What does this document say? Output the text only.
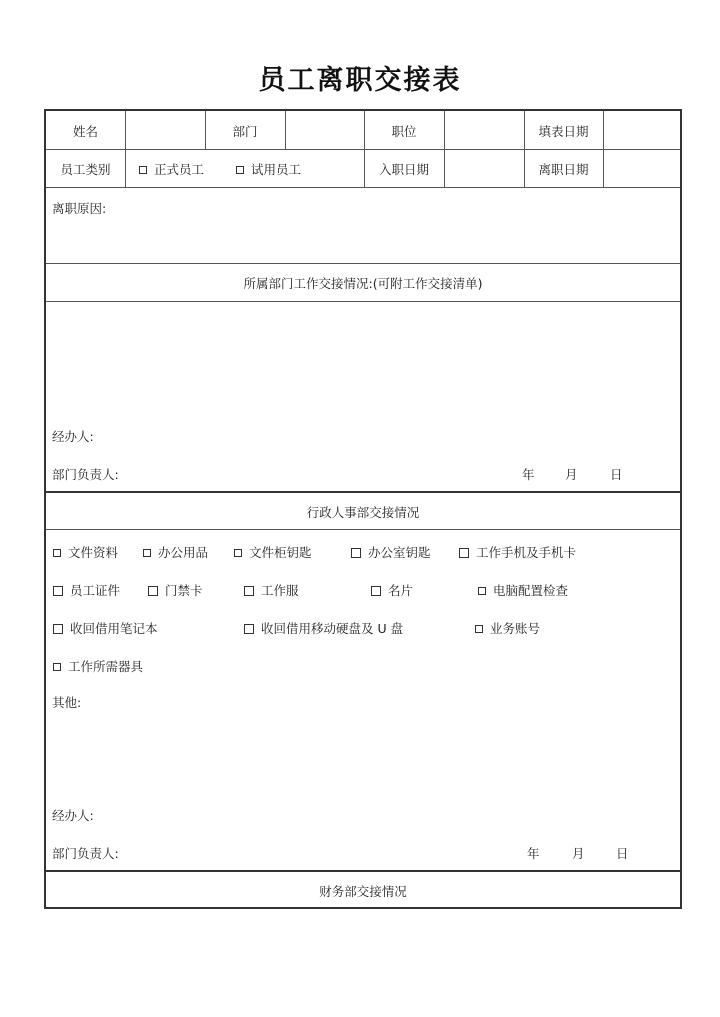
员工离职交接表
姓名	部门	职位	填表日期
员工类别	正式员工	试用员工	入职日期	离职日期
离职原因:
所属部门工作交接情况:(可附工作交接清单)
经办人:
部门负责人:	年 月	日
行政人事部交接情况
文件资料	办公用品	文件柜钥匙	办公室钥匙	工作手机及手机卡
员工证件	门禁卡	工作服	名片	电脑配置检查
收回借用笔记本	收回借用移动硬盘及 U 盘	业务账号
工作所需器具
其他:
经办人:
部门负责人:	年	月	日
财务部交接情况
